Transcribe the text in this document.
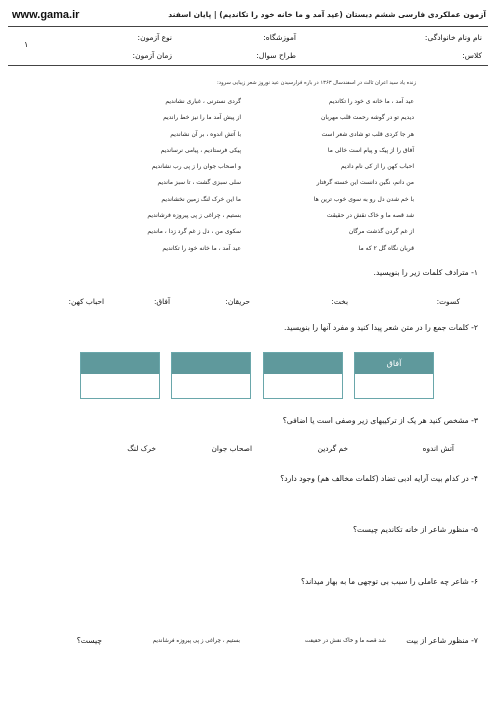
www.gama.ir	آزمون عملکردی فارسی ششم دبستان (عید آمد و ما خانه خود را تکاندیم) | پایان اسفند
نام ونام خانوادگی:
آموزشگاه:
نوع آزمون:
کلاس:
طراح سوال:
زمان آزمون:
۱
زنده یاد سید اعران ثالث در اسفندسال ۱۳۶۳ در باره فرارسیدن عید نوروز شعر زیبایی سرود:
عید آمد ، ما خانه ی خود را تکاندیم
دیدیم تو در گوشه رحمت قلب مهربان
هر جا کردی قلب تو شادی شعر است
آفاق را از پیک و پیام است خالی ما
احباب کهن را از کی نام دادیم
من دانم، نگین دانست این خسته گرفتار
با خم شدن دل رو به سوی خوب ترین ها
شد قصه ما و خاک نقش در حقیقت
از غم گردن گذشت مرگان
قربان نگاه گل ۲ که ما
گردی نسترنی ، غباری نشاندیم
از پیش آمد ما را نیز خط راندیم
با آتش اندوه ، بر آن نشاندیم
پیکی فرستادیم ، پیامی نرساندیم
و اصحاب جوان را ز پی رب نشاندیم
سلی سبزی گشت ، تا سبز ماندیم
ما این خرک لنگ زمین نخشاندیم
بستیم ، چراغی ز پی پیروزه فرشاندیم
سکوی من ، دل ز غم گرد زدا ، ماندیم
عید آمد ، ما خانه خود را تکاندیم
۱- مترادف کلمات زیر را بنویسید.
کسوت:
بخت:
حریقان:
آفاق:
احباب کهن:
۲- کلمات جمع را در متن شعر پیدا کنید و مفرد آنها را بنویسید.
آفاق
۳- مشخص کنید هر یک از ترکیبهای زیر وصفی است یا اضافی؟
آتش اندوه
خم گردین
اصحاب جوان
خرک لنگ
۴- در کدام بیت آرایه ادبی تضاد (کلمات مخالف هم) وجود دارد؟
۵- منظور شاعر از خانه تکاندیم چیست؟
۶- شاعر چه عاملی را سبب بی توجهی ما به بهار میداند؟
۷- منظور شاعر از بیت
شد قصه ما و خاک نقش در حقیقت
بستیم ، چراغی ز پی پیروزه فرشاندیم
چیست؟
